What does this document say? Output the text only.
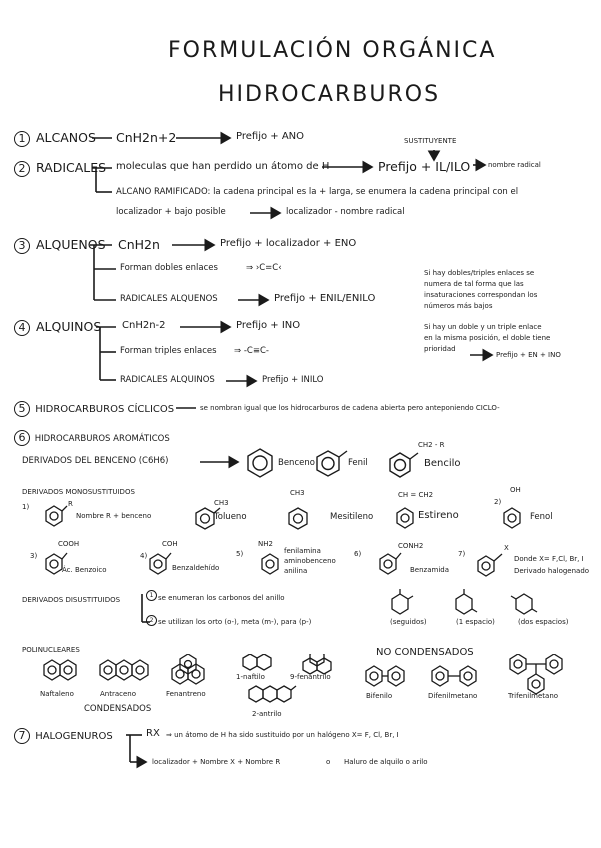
FORMULACIÓN ORGÁNICA
HIDROCARBUROS
1 ALCANOS CnH2n+2	Prefijo + ANO
2 RADICALES moleculas que han perdido un átomo de H
SUSTITUYENTE
Prefijo + IL/ILO	nombre radical
ALCANO RAMIFICADO: la cadena principal es la + larga, se enumera la cadena principal con el
localizador + bajo posible	localizador - nombre radical
3 ALQUENOS CnH2n	Prefijo + localizador + ENO
Forman dobles enlaces	⇒ ›C=C‹
RADICALES ALQUENOS	Prefijo + ENIL/ENILO
Si hay dobles/triples enlaces se
numera de tal forma que las
insaturaciones correspondan los
números más bajos
Si hay un doble y un triple enlace
en la misma posición, el doble tiene
prioridad
Prefijo + EN + INO
4 ALQUINOS CnH2n-2	Prefijo + INO
Forman triples enlaces ⇒ -C≡C-
RADICALES ALQUINOS	Prefijo + INILO
5 HIDROCARBUROS CÍCLICOS	se nombran igual que los hidrocarburos de cadena abierta pero anteponiendo CICLO-
6 HIDROCARBUROS AROMÁTICOS
DERIVADOS DEL BENCENO (C6H6)	Benceno	Fenil
CH2 - R
Bencilo
DERIVADOS MONOSUSTITUIDOS
1)	R
Nombre R + benceno
CH3
Tolueno
CH3
Mesitileno
CH = CH2
Estireno
2)
OH
Fenol
3)
COOH
Ác. Benzoico
4)
COH
Benzaldehído
5)
NH2
fenilamina
aminobenceno
anilina
6)
CONH2
Benzamida
7)
X
Donde X= F,Cl, Br, I
Derivado halogenado
DERIVADOS DISUSTITUIDOS
1 se enumeran los carbonos del anillo
2 se utilizan los orto (o-), meta (m-), para (p-)	(seguidos)	(1 espacio)	(dos espacios)
POLINUCLEARES
Naftaleno	Antraceno	Fenantreno
1-naftilo	9-fenantrilo
2-antrilo
CONDENSADOS
NO CONDENSADOS
Bifenilo	Difenilmetano	Trifenilmetano
7 HALOGENUROS	RX ⇒ un átomo de H ha sido sustituido por un halógeno X= F, Cl, Br, I
localizador + Nombre X + Nombre R	o Haluro de alquilo o arilo
